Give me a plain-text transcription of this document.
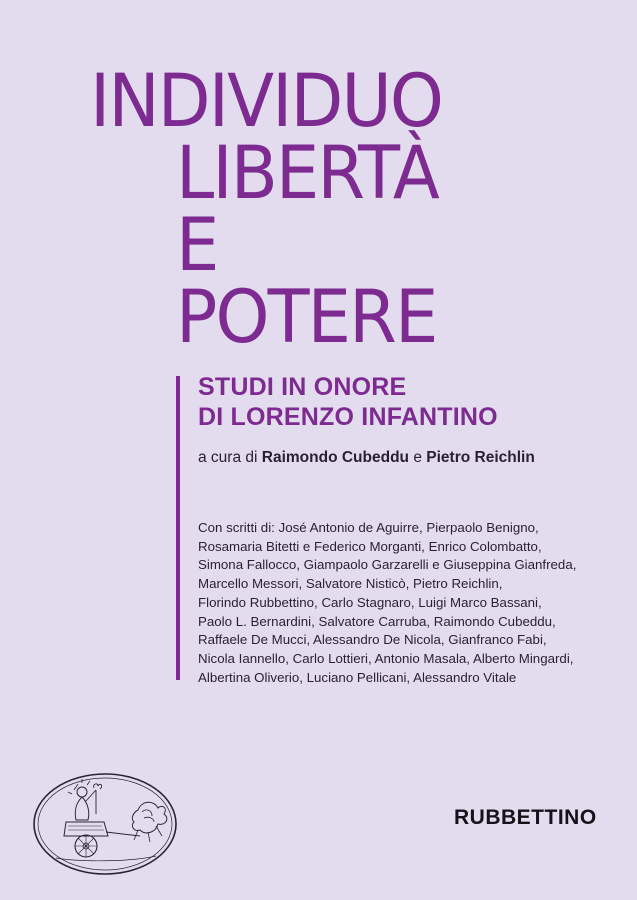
INDIVIDUO
LIBERTÀ
E
POTERE
STUDI IN ONORE
DI LORENZO INFANTINO
a cura di Raimondo Cubeddu e Pietro Reichlin
Con scritti di: José Antonio de Aguirre, Pierpaolo Benigno,
Rosamaria Bitetti e Federico Morganti, Enrico Colombatto,
Simona Fallocco, Giampaolo Garzarelli e Giuseppina Gianfreda,
Marcello Messori, Salvatore Nisticò, Pietro Reichlin,
Florindo Rubbettino, Carlo Stagnaro, Luigi Marco Bassani,
Paolo L. Bernardini, Salvatore Carruba, Raimondo Cubeddu,
Raffaele De Mucci, Alessandro De Nicola, Gianfranco Fabi,
Nicola Iannello, Carlo Lottieri, Antonio Masala, Alberto Mingardi,
Albertina Oliverio, Luciano Pellicani, Alessandro Vitale
RUBBETTINO
